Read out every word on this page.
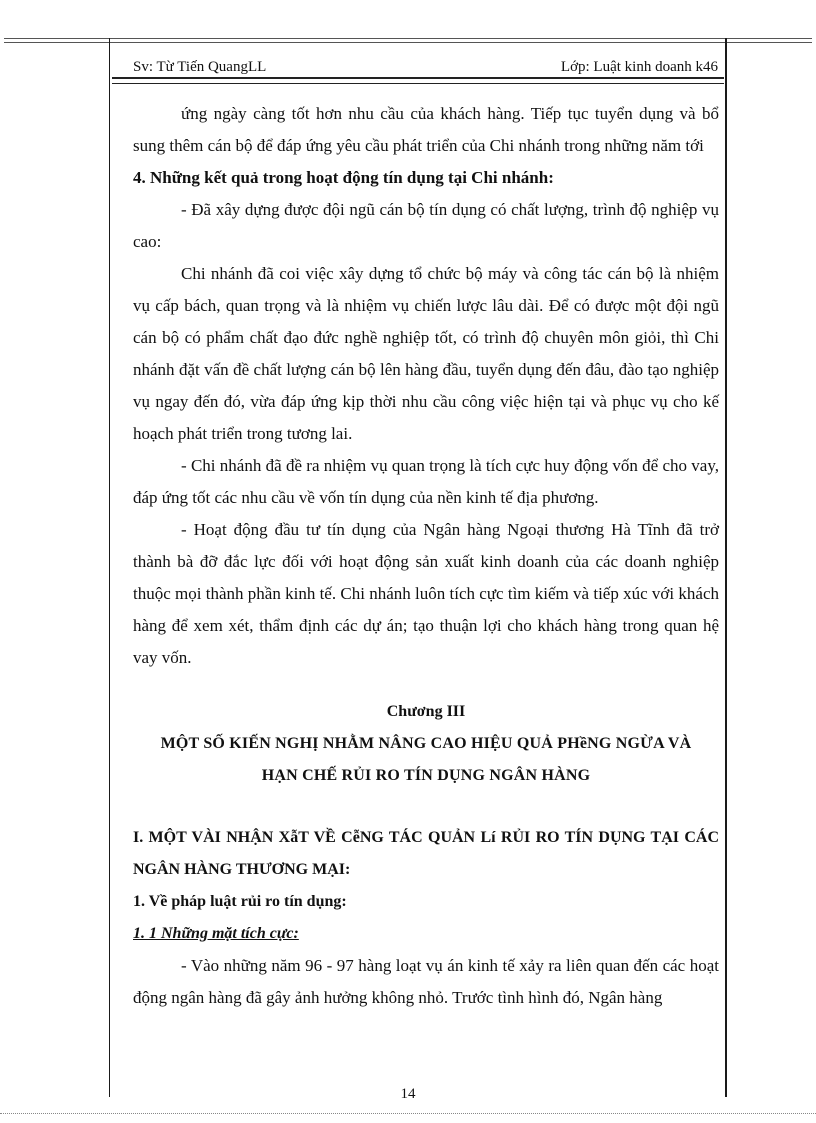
Sv: Từ Tiến QuangLL	Lớp: Luật kinh doanh k46

ứng ngày càng tốt hơn nhu cầu của khách hàng. Tiếp tục tuyển dụng và bổ sung thêm cán bộ để đáp ứng yêu cầu phát triển của Chi nhánh trong những năm tới

4. Những kết quả trong hoạt động tín dụng tại Chi nhánh:

- Đã xây dựng được đội ngũ cán bộ tín dụng có chất lượng, trình độ nghiệp vụ cao:

Chi nhánh đã coi việc xây dựng tổ chức bộ máy và công tác cán bộ là nhiệm vụ cấp bách, quan trọng và là nhiệm vụ chiến lược lâu dài. Để có được một đội ngũ cán bộ có phẩm chất đạo đức nghề nghiệp tốt, có trình độ chuyên môn giỏi, thì Chi nhánh đặt vấn đề chất lượng cán bộ lên hàng đầu, tuyển dụng đến đâu, đào tạo nghiệp vụ ngay đến đó, vừa đáp ứng kịp thời nhu cầu công việc hiện tại và phục vụ cho kế hoạch phát triển trong tương lai.

- Chi nhánh đã đề ra nhiệm vụ quan trọng là tích cực huy động vốn để cho vay, đáp ứng tốt các nhu cầu về vốn tín dụng của nền kinh tế địa phương.

- Hoạt động đầu tư tín dụng của Ngân hàng Ngoại thương Hà Tĩnh đã trở thành bà đỡ đắc lực đối với hoạt động sản xuất kinh doanh của các doanh nghiệp thuộc mọi thành phần kinh tế. Chi nhánh luôn tích cực tìm kiếm và tiếp xúc với khách hàng để xem xét, thẩm định các dự án; tạo thuận lợi cho khách hàng trong quan hệ vay vốn.

Chương III
MỘT SỐ KIẾN NGHỊ NHẰM NÂNG CAO HIỆU QUẢ PHềNG NGỪA VÀ
HẠN CHẾ RỦI RO TÍN DỤNG NGÂN HÀNG

I. MỘT VÀI NHẬN XẫT VỀ CễNG TÁC QUẢN Lí RỦI RO TÍN DỤNG TẠI CÁC NGÂN HÀNG THƯƠNG MẠI:

1. Về pháp luật rủi ro tín dụng:

1. 1 Những mặt tích cực:

- Vào những năm 96 - 97 hàng loạt vụ án kinh tế xảy ra liên quan đến các hoạt động ngân hàng đã gây ảnh hưởng không nhỏ. Trước tình hình đó, Ngân hàng

14
